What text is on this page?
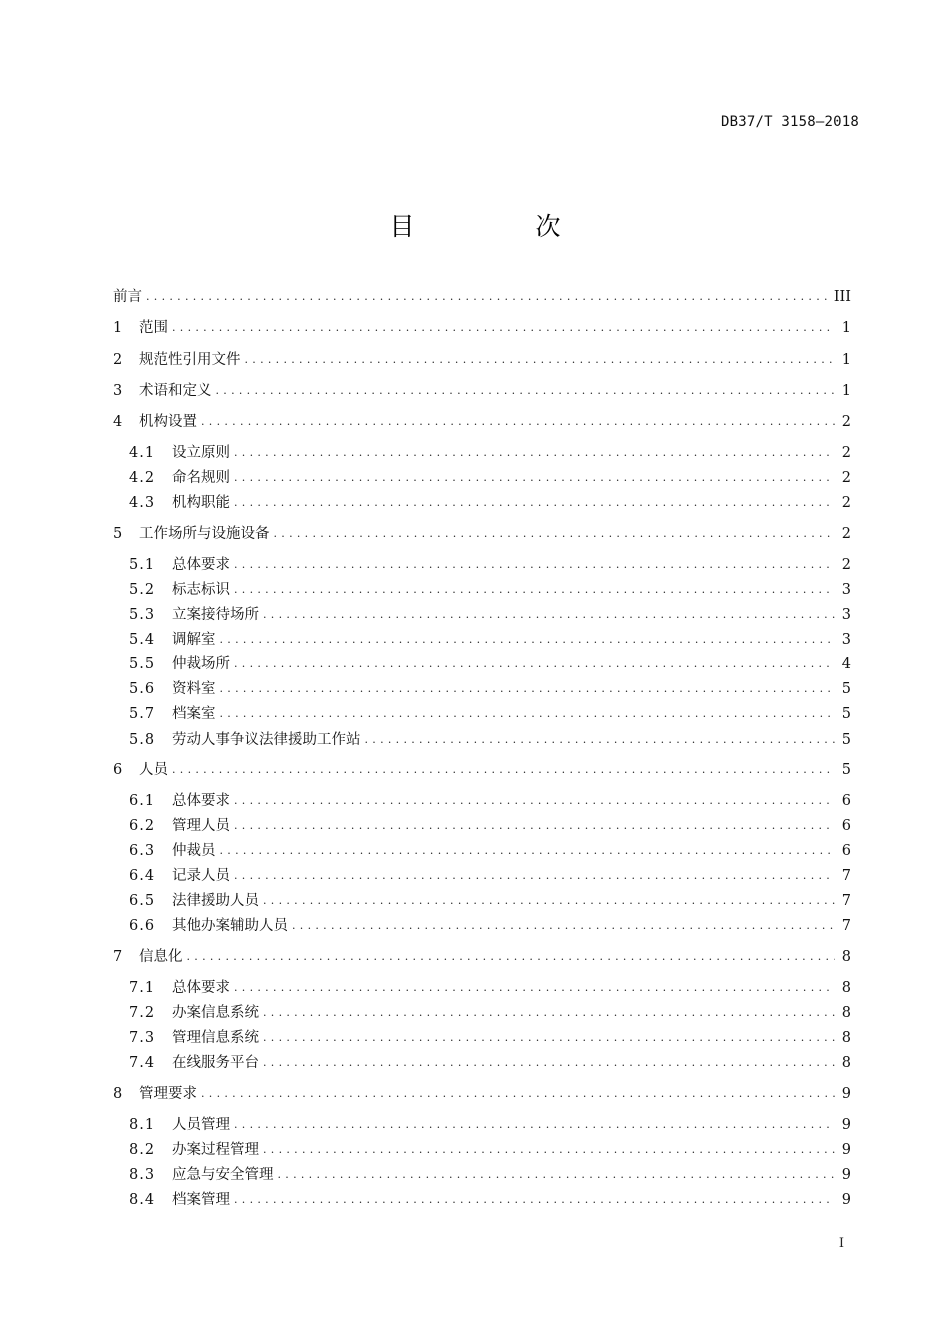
DB37/T 3158—2018
目　次
前言 . . .	III
1	范围 . . .	1
2	规范性引用文件 . . .	1
3	术语和定义 . . .	1
4	机构设置 . . .	2
4.1	设立原则 . . .	2
4.2	命名规则 . . .	2
4.3	机构职能 . . .	2
5	工作场所与设施设备 . . .	2
5.1	总体要求 . . .	2
5.2	标志标识 . . .	3
5.3	立案接待场所 . . .	3
5.4	调解室 . . .	3
5.5	仲裁场所 . . .	4
5.6	资料室 . . .	5
5.7	档案室 . . .	5
5.8	劳动人事争议法律援助工作站 . . .	5
6	人员 . . .	5
6.1	总体要求 . . .	6
6.2	管理人员 . . .	6
6.3	仲裁员 . . .	6
6.4	记录人员 . . .	7
6.5	法律援助人员 . . .	7
6.6	其他办案辅助人员 . . .	7
7	信息化 . . .	8
7.1	总体要求 . . .	8
7.2	办案信息系统 . . .	8
7.3	管理信息系统 . . .	8
7.4	在线服务平台 . . .	8
8	管理要求 . . .	9
8.1	人员管理 . . .	9
8.2	办案过程管理 . . .	9
8.3	应急与安全管理 . . .	9
8.4	档案管理 . . .	9
I
